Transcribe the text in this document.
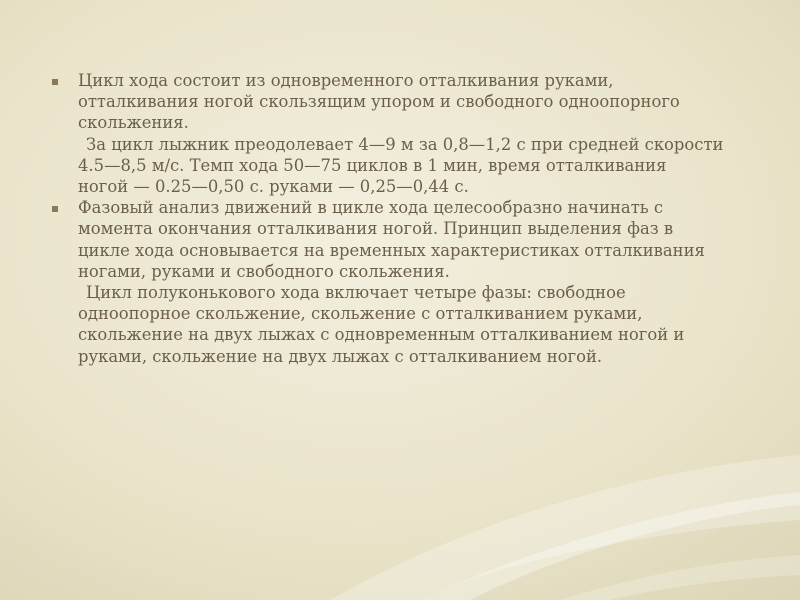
Цикл хода состоит из одновременного отталкивания руками,
отталкивания ногой скользящим упором и свободного одноопорного
скольжения.
За цикл лыжник преодолевает 4—9 м за 0,8—1,2 с при средней скорости
4.5—8,5 м/с. Темп хода 50—75 циклов в 1 мин, время отталкивания
ногой — 0.25—0,50 с. руками — 0,25—0,44 с.
Фазовый анализ движений в цикле хода целесообразно начинать с
момента окончания отталкивания ногой. Принцип выделения фаз в
цикле хода основывается на временных характеристиках отталкивания
ногами, руками и свободного скольжения.
Цикл полуконькового хода включает четыре фазы: свободное
одноопорное скольжение, скольжение с отталкиванием руками,
скольжение на двух лыжах с одновременным отталкиванием ногой и
руками, скольжение на двух лыжах с отталкиванием ногой.
